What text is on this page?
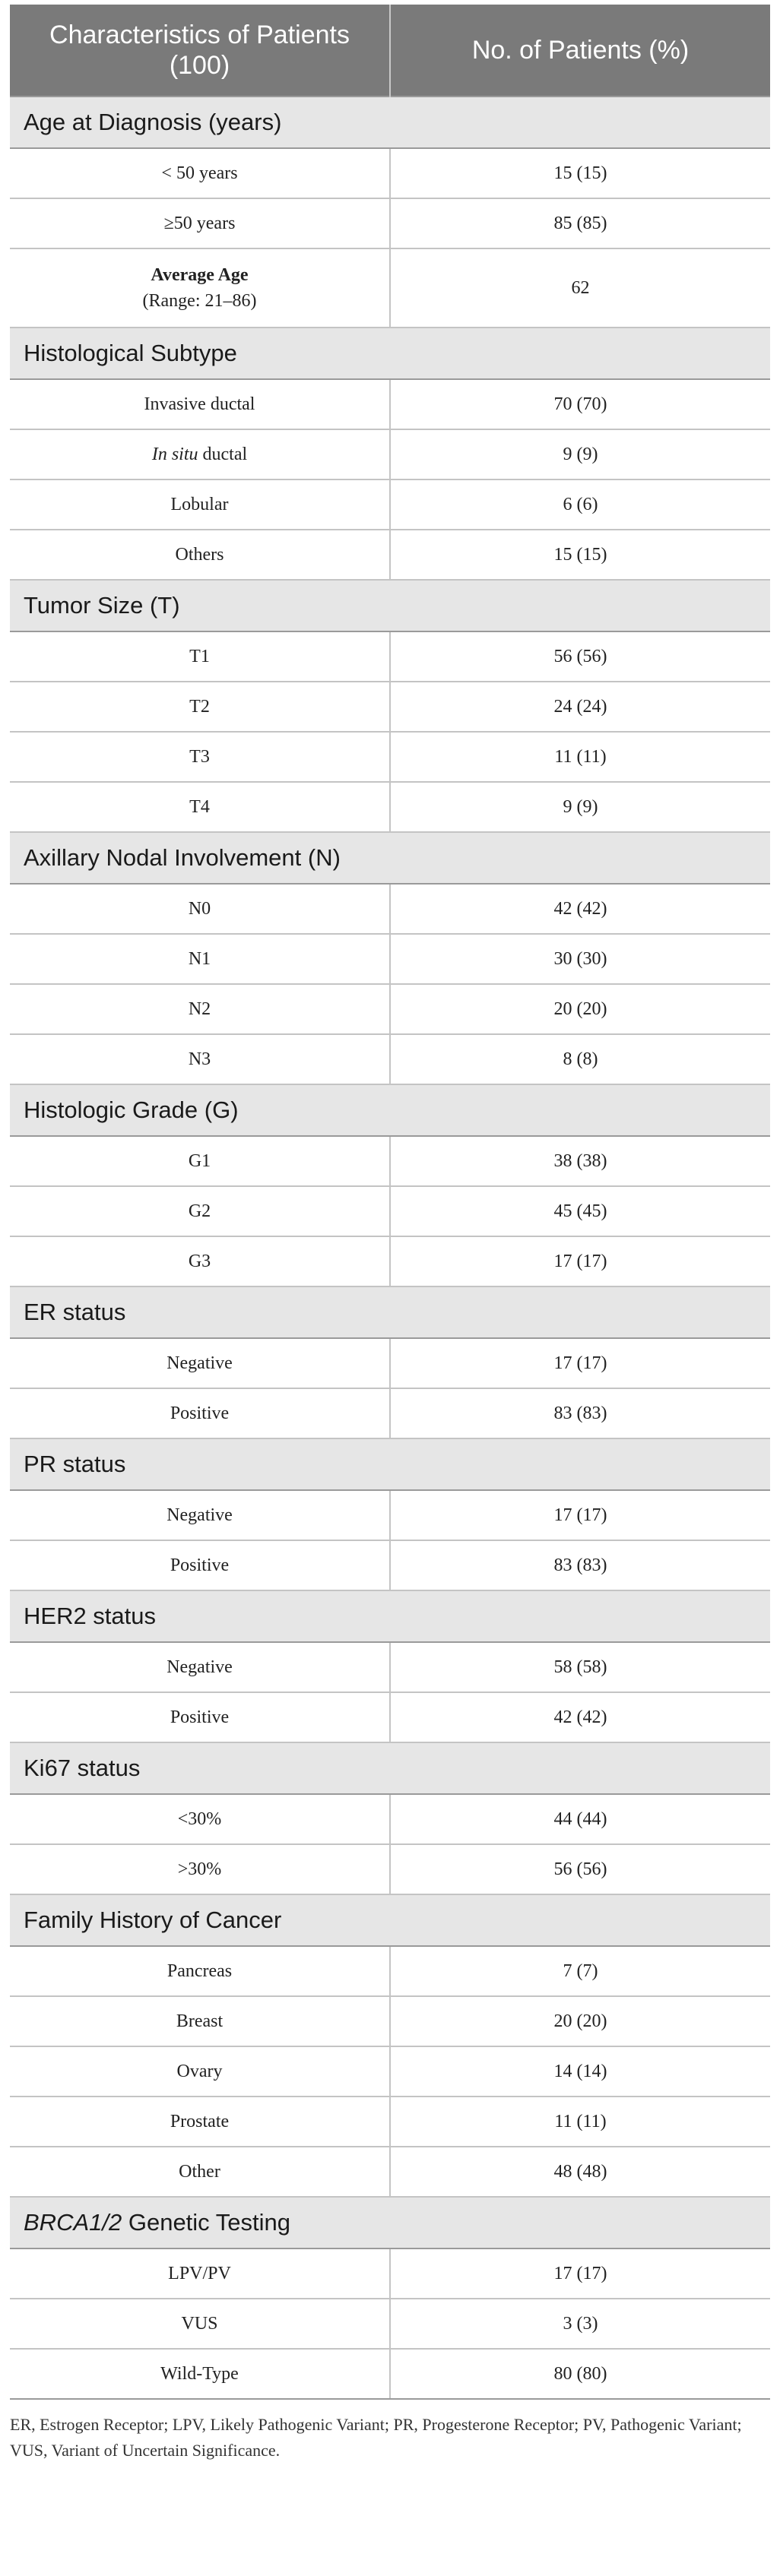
Characteristics of Patients (100)	No. of Patients (%)
Age at Diagnosis (years)	
< 50 years	15 (15)
≥50 years	85 (85)

Average Age
(Range: 21–86)	62
Histological Subtype	
Invasive ductal	70 (70)
In situ ductal	9 (9)
Lobular	6 (6)
Others	15 (15)
Tumor Size (T)	
T1	56 (56)
T2	24 (24)
T3	11 (11)
T4	9 (9)
Axillary Nodal Involvement (N)	
N0	42 (42)
N1	30 (30)
N2	20 (20)
N3	8 (8)
Histologic Grade (G)	
G1	38 (38)
G2	45 (45)
G3	17 (17)
ER status	
Negative	17 (17)
Positive	83 (83)
PR status	
Negative	17 (17)
Positive	83 (83)
HER2 status	
Negative	58 (58)
Positive	42 (42)
Ki67 status	
<30%	44 (44)
>30%	56 (56)
Family History of Cancer	
Pancreas	7 (7)
Breast	20 (20)
Ovary	14 (14)
Prostate	11 (11)
Other	48 (48)
BRCA1/2 Genetic Testing	
LPV/PV	17 (17)
VUS	3 (3)
Wild-Type	80 (80)
ER, Estrogen Receptor; LPV, Likely Pathogenic Variant; PR, Progesterone Receptor; PV, Pathogenic Variant; VUS, Variant of Uncertain Significance.
